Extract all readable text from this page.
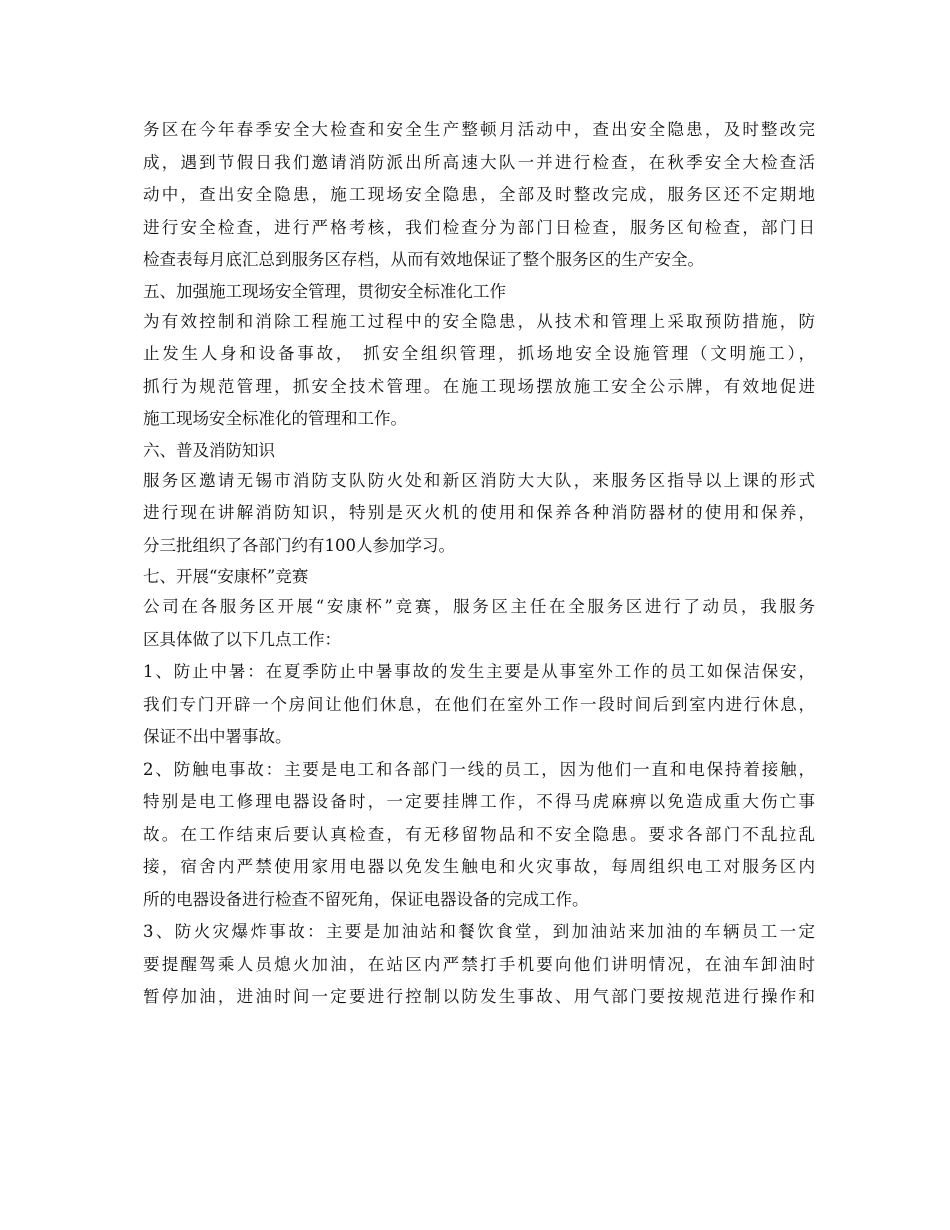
务区在今年春季安全大检查和安全生产整顿月活动中，查出安全隐患，及时整改完
成，遇到节假日我们邀请消防派出所高速大队一并进行检查，在秋季安全大检查活
动中，查出安全隐患，施工现场安全隐患，全部及时整改完成，服务区还不定期地
进行安全检查，进行严格考核，我们检查分为部门日检查，服务区旬检查，部门日
检查表每月底汇总到服务区存档，从而有效地保证了整个服务区的生产安全。
五、加强施工现场安全管理，贯彻安全标准化工作
为有效控制和消除工程施工过程中的安全隐患，从技术和管理上采取预防措施，防
止发生人身和设备事故， 抓安全组织管理，抓场地安全设施管理（文明施工），
抓行为规范管理，抓安全技术管理。在施工现场摆放施工安全公示牌，有效地促进
施工现场安全标准化的管理和工作。
六、普及消防知识
服务区邀请无锡市消防支队防火处和新区消防大大队，来服务区指导以上课的形式
进行现在讲解消防知识，特别是灭火机的使用和保养各种消防器材的使用和保养，
分三批组织了各部门约有100人参加学习。
七、开展“安康杯”竞赛
公司在各服务区开展“安康杯”竞赛，服务区主任在全服务区进行了动员，我服务
区具体做了以下几点工作：
1、防止中暑：在夏季防止中暑事故的发生主要是从事室外工作的员工如保洁保安，
我们专门开辟一个房间让他们休息，在他们在室外工作一段时间后到室内进行休息，
保证不出中署事故。
2、防触电事故：主要是电工和各部门一线的员工，因为他们一直和电保持着接触，
特别是电工修理电器设备时，一定要挂牌工作，不得马虎麻痹以免造成重大伤亡事
故。在工作结束后要认真检查，有无移留物品和不安全隐患。要求各部门不乱拉乱
接，宿舍内严禁使用家用电器以免发生触电和火灾事故，每周组织电工对服务区内
所的电器设备进行检查不留死角，保证电器设备的完成工作。
3、防火灾爆炸事故：主要是加油站和餐饮食堂，到加油站来加油的车辆员工一定
要提醒驾乘人员熄火加油，在站区内严禁打手机要向他们讲明情况，在油车卸油时
暂停加油，进油时间一定要进行控制以防发生事故、用气部门要按规范进行操作和
